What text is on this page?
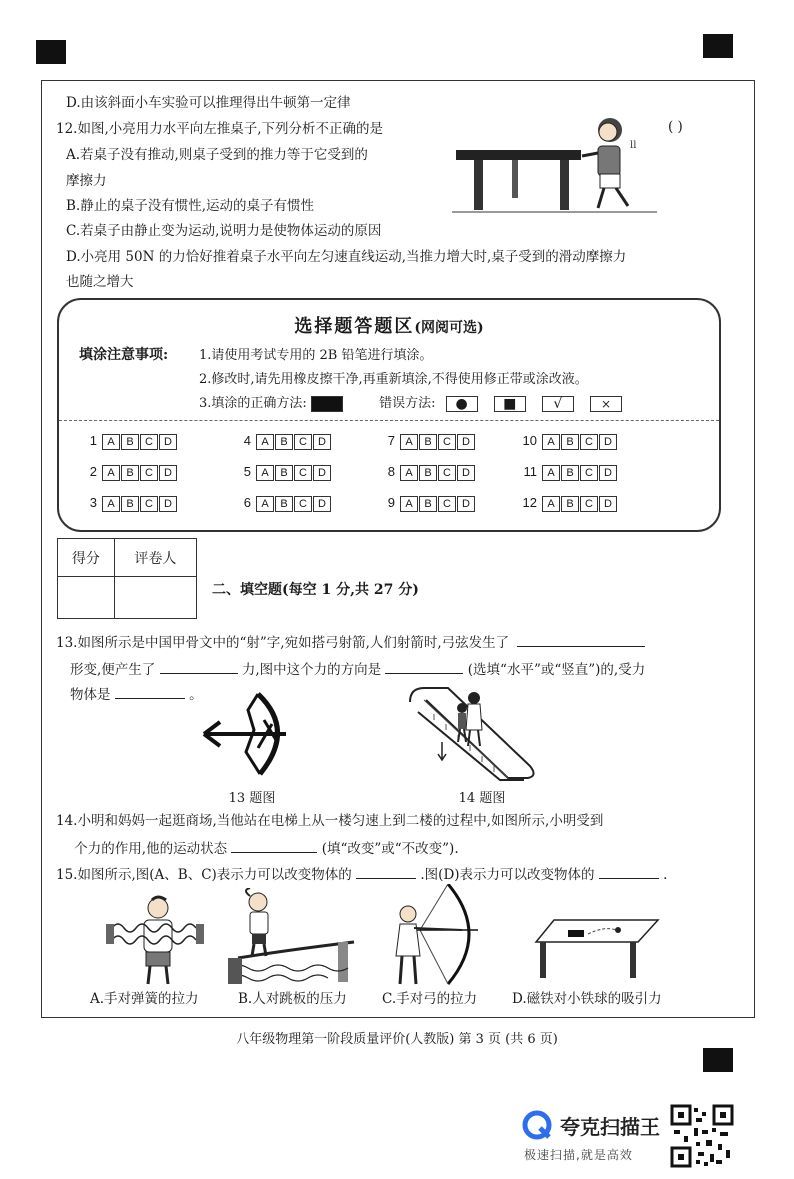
D.由该斜面小车实验可以推理得出牛顿第一定律
12.如图,小亮用力水平向左推桌子,下列分析不正确的是	( )
A.若桌子没有推动,则桌子受到的推力等于它受到的
摩擦力
B.静止的桌子没有惯性,运动的桌子有惯性
C.若桌子由静止变为运动,说明力是使物体运动的原因
D.小亮用 50N 的力恰好推着桌子水平向左匀速直线运动,当推力增大时,桌子受到的滑动摩擦力
也随之增大
ll
选择题答题区(网阅可选)
填涂注意事项: 1.请使用考试专用的 2B 铅笔进行填涂。
2.修改时,请先用橡皮擦干净,再重新填涂,不得使用修正带或涂改液。
3.填涂的正确方法:	错误方法: ●	■	√	×
1 A B C D
2 A B C D
3 A B C D
4 A B C D
5 A B C D
6 A B C D
7 A B C D
8 A B C D
9 A B C D
10 A B C D
11 A B C D
12 A B C D
得分	评卷人

二、填空题(每空 1 分,共 27 分)
13.如图所示是中国甲骨文中的“射”字,宛如搭弓射箭,人们射箭时,弓弦发生了
形变,便产生了	力,图中这个力的方向是	(选填“水平”或“竖直”)的,受力
物体是	。
13 题图	14 题图
14.小明和妈妈一起逛商场,当他站在电梯上从一楼匀速上到二楼的过程中,如图所示,小明受到
个力的作用,他的运动状态	(填“改变”或“不改变”).
15.如图所示,图(A、B、C)表示力可以改变物体的	.图(D)表示力可以改变物体的	.
A.手对弹簧的拉力	B.人对跳板的压力	C.手对弓的拉力	D.磁铁对小铁球的吸引力
八年级物理第一阶段质量评价(人教版) 第 3 页 (共 6 页)
夸克扫描王
极速扫描,就是高效
